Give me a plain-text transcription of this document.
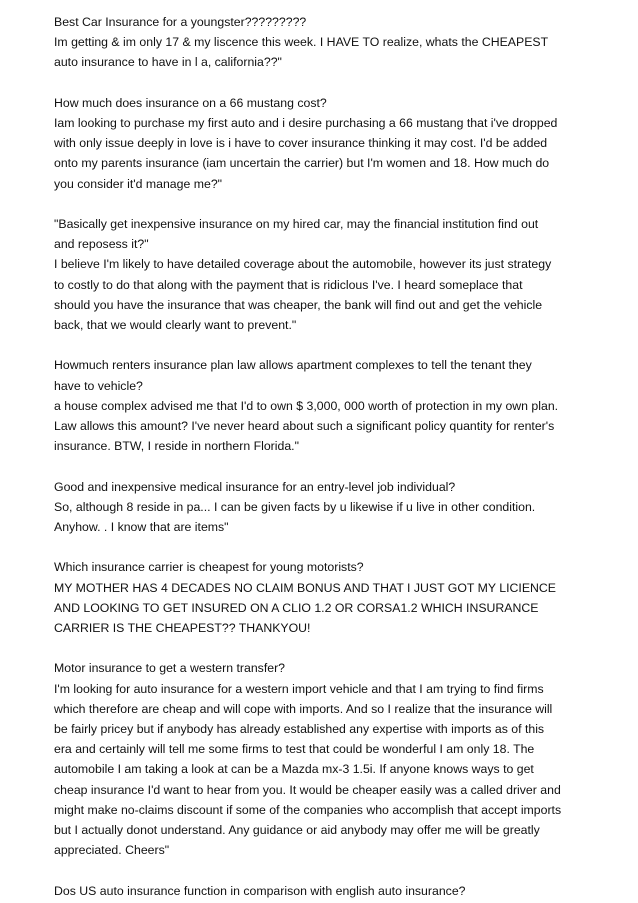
Best Car Insurance for a youngster?????????

Im getting & im only 17 & my liscence this week. I HAVE TO realize, whats the CHEAPEST
auto insurance to have in l a, california??"

How much does insurance on a 66 mustang cost?

Iam looking to purchase my first auto and i desire purchasing a 66 mustang that i've dropped
with only issue deeply in love is i have to cover insurance thinking it may cost. I'd be added
onto my parents insurance (iam uncertain the carrier) but I'm women and 18. How much do
you consider it'd manage me?"

"Basically get inexpensive insurance on my hired car, may the financial institution find out
and reposess it?"

I believe I'm likely to have detailed coverage about the automobile, however its just strategy
to costly to do that along with the payment that is ridiclous I've. I heard someplace that
should you have the insurance that was cheaper, the bank will find out and get the vehicle
back, that we would clearly want to prevent."

Howmuch renters insurance plan law allows apartment complexes to tell the tenant they
have to vehicle?

a house complex advised me that I'd to own $ 3,000, 000 worth of protection in my own plan.
Law allows this amount? I've never heard about such a significant policy quantity for renter's
insurance. BTW, I reside in northern Florida."

Good and inexpensive medical insurance for an entry-level job individual?

So, although 8 reside in pa... I can be given facts by u likewise if u live in other condition.
Anyhow. . I know that are items"

Which insurance carrier is cheapest for young motorists?

MY MOTHER HAS 4 DECADES NO CLAIM BONUS AND THAT I JUST GOT MY LICIENCE
AND LOOKING TO GET INSURED ON A CLIO 1.2 OR CORSA1.2 WHICH INSURANCE
CARRIER IS THE CHEAPEST?? THANKYOU!

Motor insurance to get a western transfer?

I'm looking for auto insurance for a western import vehicle and that I am trying to find firms
which therefore are cheap and will cope with imports. And so I realize that the insurance will
be fairly pricey but if anybody has already established any expertise with imports as of this
era and certainly will tell me some firms to test that could be wonderful I am only 18. The
automobile I am taking a look at can be a Mazda mx-3 1.5i. If anyone knows ways to get
cheap insurance I'd want to hear from you. It would be cheaper easily was a called driver and
might make no-claims discount if some of the companies who accomplish that accept imports
but I actually donot understand. Any guidance or aid anybody may offer me will be greatly
appreciated. Cheers"

Dos US auto insurance function in comparison with english auto insurance?
